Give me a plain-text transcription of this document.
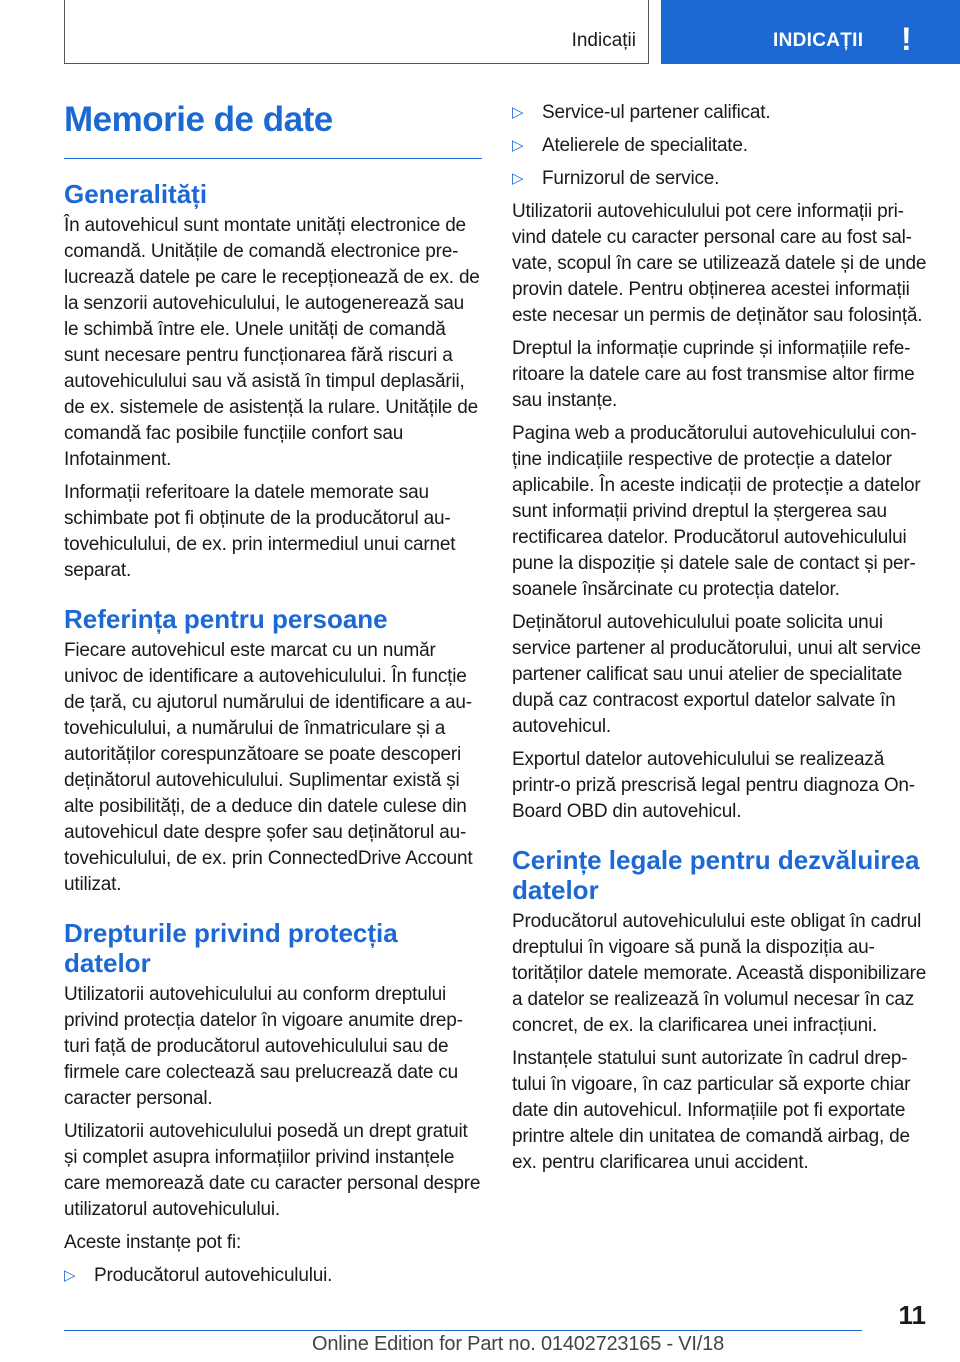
Indicații	INDICAȚII !
Memorie de date
Generalități

În autovehicul sunt montate unități electronice de comandă. Unitățile de comandă electronice prelucrează datele pe care le recepționează de ex. de la senzorii autovehiculului, le autogenerează sau le schimbă între ele. Unele unități de comandă sunt necesare pentru funcționarea fără riscuri a autovehiculului sau vă asistă în timpul deplasării, de ex. sistemele de asistență la rulare. Unitățile de comandă fac posibile funcțiile confort sau Infotainment.

Informații referitoare la datele memorate sau schimbate pot fi obținute de la producătorul autovehiculului, de ex. prin intermediul unui carnet separat.

Referința pentru persoane

Fiecare autovehicul este marcat cu un număr univoc de identificare a autovehiculului. În funcție de țară, cu ajutorul numărului de identificare a autovehiculului, a numărului de înmatriculare și a autorităților corespunzătoare se poate descoperi deținătorul autovehiculului. Suplimentar există și alte posibilități, de a deduce din datele culese din autovehicul date despre șofer sau deținătorul autovehiculului, de ex. prin ConnectedDrive Account utilizat.

Drepturile privind protecția datelor

Utilizatorii autovehiculului au conform dreptului privind protecția datelor în vigoare anumite drepturi față de producătorul autovehiculului sau de firmele care colectează sau prelucrează date cu caracter personal.

Utilizatorii autovehiculului posedă un drept gratuit și complet asupra informațiilor privind instanțele care memorează date cu caracter personal despre utilizatorul autovehiculului.

Aceste instanțe pot fi:

▷ Producătorul autovehiculului.
▷ Service-ul partener calificat.
▷ Atelierele de specialitate.
▷ Furnizorul de service.

Utilizatorii autovehiculului pot cere informații privind datele cu caracter personal care au fost salvate, scopul în care se utilizează datele și de unde provin datele. Pentru obținerea acestei informații este necesar un permis de deținător sau folosință.

Dreptul la informație cuprinde și informațiile referitoare la datele care au fost transmise altor firme sau instanțe.

Pagina web a producătorului autovehiculului conține indicațiile respective de protecție a datelor aplicabile. În aceste indicații de protecție a datelor sunt informații privind dreptul la ștergerea sau rectificarea datelor. Producătorul autovehiculului pune la dispoziție și datele sale de contact și persoanele însărcinate cu protecția datelor.

Deținătorul autovehiculului poate solicita unui service partener al producătorului, unui alt service partener calificat sau unui atelier de specialitate după caz contracost exportul datelor salvate în autovehicul.

Exportul datelor autovehiculului se realizează printr-o priză prescrisă legal pentru diagnoza On-Board OBD din autovehicul.

Cerințe legale pentru dezvăluirea datelor

Producătorul autovehiculului este obligat în cadrul dreptului în vigoare să pună la dispoziția autorităților datele memorate. Această disponibilizare a datelor se realizează în volumul necesar în caz concret, de ex. la clarificarea unei infracțiuni.

Instanțele statului sunt autorizate în cadrul dreptului în vigoare, în caz particular să exporte chiar date din autovehicul. Informațiile pot fi exportate printre altele din unitatea de comandă airbag, de ex. pentru clarificarea unui accident.

11
Online Edition for Part no. 01402723165 - VI/18
